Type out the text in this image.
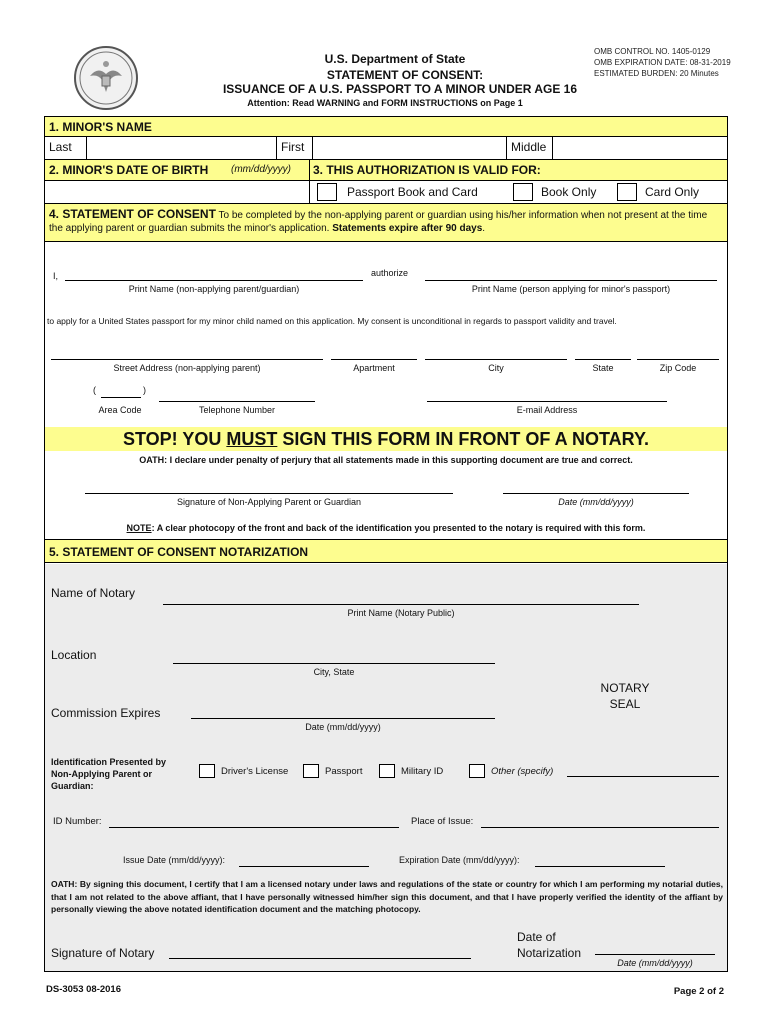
U.S. Department of State
STATEMENT OF CONSENT:
ISSUANCE OF A U.S. PASSPORT TO A MINOR UNDER AGE 16
Attention: Read WARNING and FORM INSTRUCTIONS on Page 1
OMB CONTROL NO. 1405-0129
OMB EXPIRATION DATE: 08-31-2019
ESTIMATED BURDEN: 20 Minutes
1. MINOR'S NAME
Last	First	Middle
2. MINOR'S DATE OF BIRTH (mm/dd/yyyy) 3. THIS AUTHORIZATION IS VALID FOR:
Passport Book and Card	Book Only	Card Only
4. STATEMENT OF CONSENT To be completed by the non-applying parent or guardian using his/her information when not present at the time the applying parent or guardian submits the minor's application. Statements expire after 90 days.
I,	authorize
Print Name (non-applying parent/guardian)	Print Name (person applying for minor's passport)
to apply for a United States passport for my minor child named on this application. My consent is unconditional in regards to passport validity and travel.
Street Address (non-applying parent)	Apartment	City	State	Zip Code
(	)
Area Code	Telephone Number	E-mail Address
STOP! YOU MUST SIGN THIS FORM IN FRONT OF A NOTARY.
OATH: I declare under penalty of perjury that all statements made in this supporting document are true and correct.
Signature of Non-Applying Parent or Guardian	Date (mm/dd/yyyy)
NOTE: A clear photocopy of the front and back of the identification you presented to the notary is required with this form.
5. STATEMENT OF CONSENT NOTARIZATION
Name of Notary
Print Name (Notary Public)
Location
City, State
NOTARY
SEAL
Commission Expires
Date (mm/dd/yyyy)
Identification Presented by Non-Applying Parent or Guardian:
Driver's License	Passport	Military ID	Other (specify)
ID Number:	Place of Issue:
Issue Date (mm/dd/yyyy):	Expiration Date (mm/dd/yyyy):
OATH: By signing this document, I certify that I am a licensed notary under laws and regulations of the state or country for which I am performing my notarial duties, that I am not related to the above affiant, that I have personally witnessed him/her sign this document, and that I have properly verified the identity of the affiant by personally viewing the above notated identification document and the matching photocopy.
Signature of Notary
Date of
Notarization
Date (mm/dd/yyyy)
DS-3053 08-2016	Page 2 of 2
